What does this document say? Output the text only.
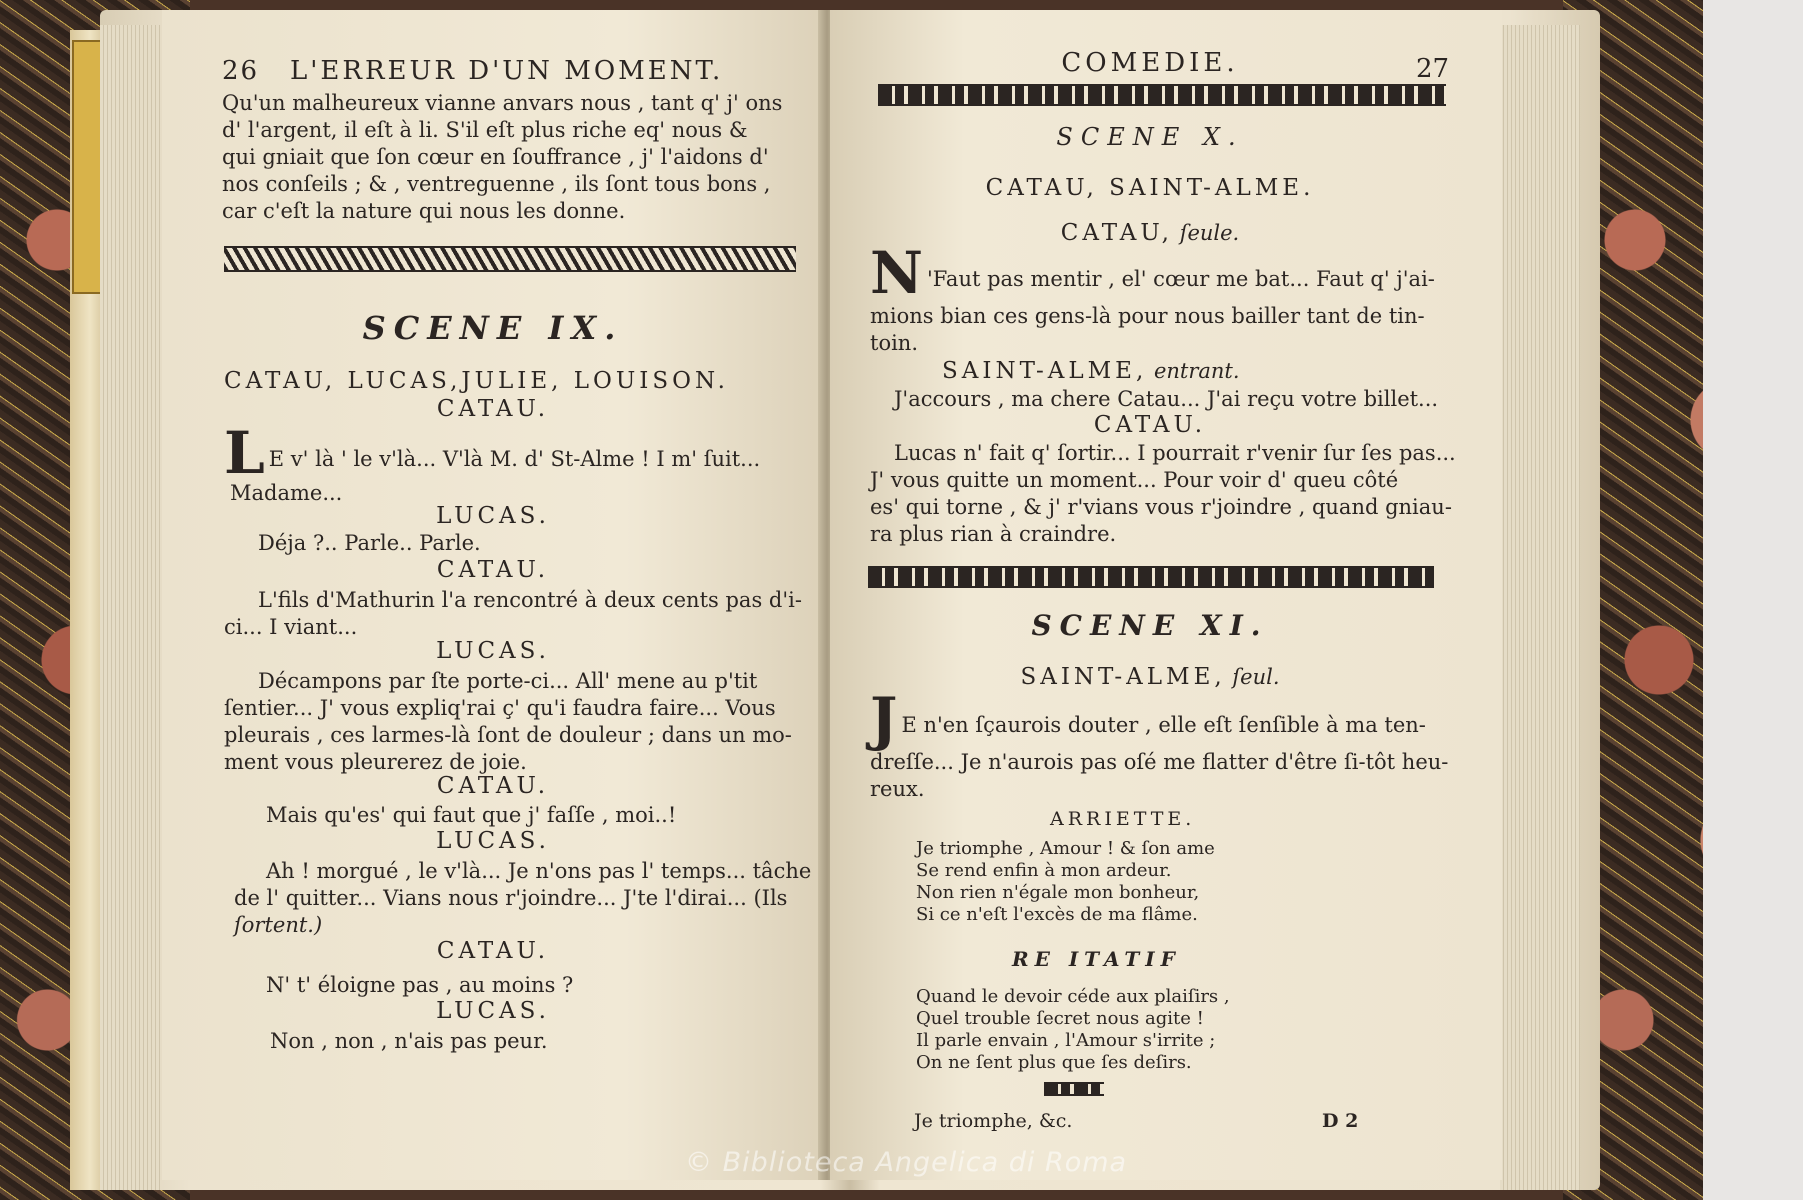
26 L'ERREUR D'UN MOMENT.
Qu'un malheureux vianne anvars nous , tant q' j' ons
d' l'argent, il eſt à li. S'il eſt plus riche eq' nous &
qui gniait que ſon cœur en ſouffrance , j' l'aidons d'
nos conſeils ; & , ventreguenne , ils ſont tous bons ,
car c'eſt la nature qui nous les donne.
SCENE IX.
CATAU, LUCAS,JULIE, LOUISON.
CATAU.
L E v' là ' le v'là... V'là M. d' St-Alme ! I m' ſuit...
Madame...
LUCAS.
Déja ?.. Parle.. Parle.
CATAU.
L'fils d'Mathurin l'a rencontré à deux cents pas d'i-
ci... I viant...
LUCAS.
Décampons par ſte porte-ci... All' mene au p'tit
ſentier... J' vous expliq'rai ç' qu'i faudra faire... Vous
pleurais , ces larmes-là ſont de douleur ; dans un mo-
ment vous pleurerez de joie.
CATAU.
Mais qu'es' qui faut que j' faſſe , moi..!
LUCAS.
Ah ! morgué , le v'là... Je n'ons pas l' temps... tâche
de l' quitter... Vians nous r'joindre... J'te l'dirai... (Ils
ſortent.)
CATAU.
N' t' éloigne pas , au moins ?
LUCAS.
Non , non , n'ais pas peur.
COMEDIE.	27
SCENE X.
CATAU, SAINT-ALME.
CATAU, ſeule.
N 'Faut pas mentir , el' cœur me bat... Faut q' j'ai-
mions bian ces gens-là pour nous bailler tant de tin-
toin.
SAINT-ALME, entrant.
J'accours , ma chere Catau... J'ai reçu votre billet...
CATAU.
Lucas n' fait q' ſortir... I pourrait r'venir ſur ſes pas...
J' vous quitte un moment... Pour voir d' queu côté
es' qui torne , & j' r'vians vous r'joindre , quand gniau-
ra plus rian à craindre.
SCENE XI.
SAINT-ALME, ſeul.
J E n'en ſçaurois douter , elle eſt ſenſible à ma ten-
dreſſe... Je n'aurois pas oſé me flatter d'être ſi-tôt heu-
reux.
ARRIETTE.
Je triomphe , Amour ! & ſon ame
Se rend enfin à mon ardeur.
Non rien n'égale mon bonheur,
Si ce n'eſt l'excès de ma flâme.
RE ITATIF
Quand le devoir céde aux plaiſirs ,
Quel trouble ſecret nous agite !
Il parle envain , l'Amour s'irrite ;
On ne ſent plus que ſes deſirs.
Je triomphe, &c.	D 2
© Biblioteca Angelica di Roma
